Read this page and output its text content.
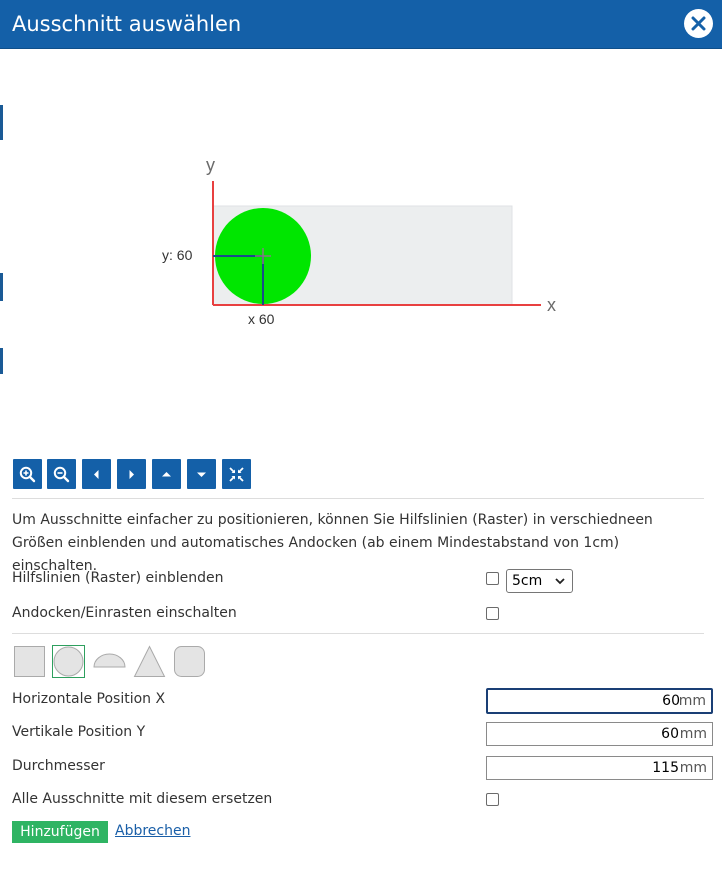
Ausschnitt auswählen
y
x
y: 60
x 60
Um Ausschnitte einfacher zu positionieren, können Sie Hilfslinien (Raster) in verschiedneen Größen einblenden und automatisches Andocken (ab einem Mindestabstand von 1cm) einschalten.
Hilfslinien (Raster) einblenden	5cm
Andocken/Einrasten einschalten
Horizontale Position X
60	mm
Vertikale Position Y
60	mm
Durchmesser
115	mm
Alle Ausschnitte mit diesem ersetzen
Hinzufügen	Abbrechen
